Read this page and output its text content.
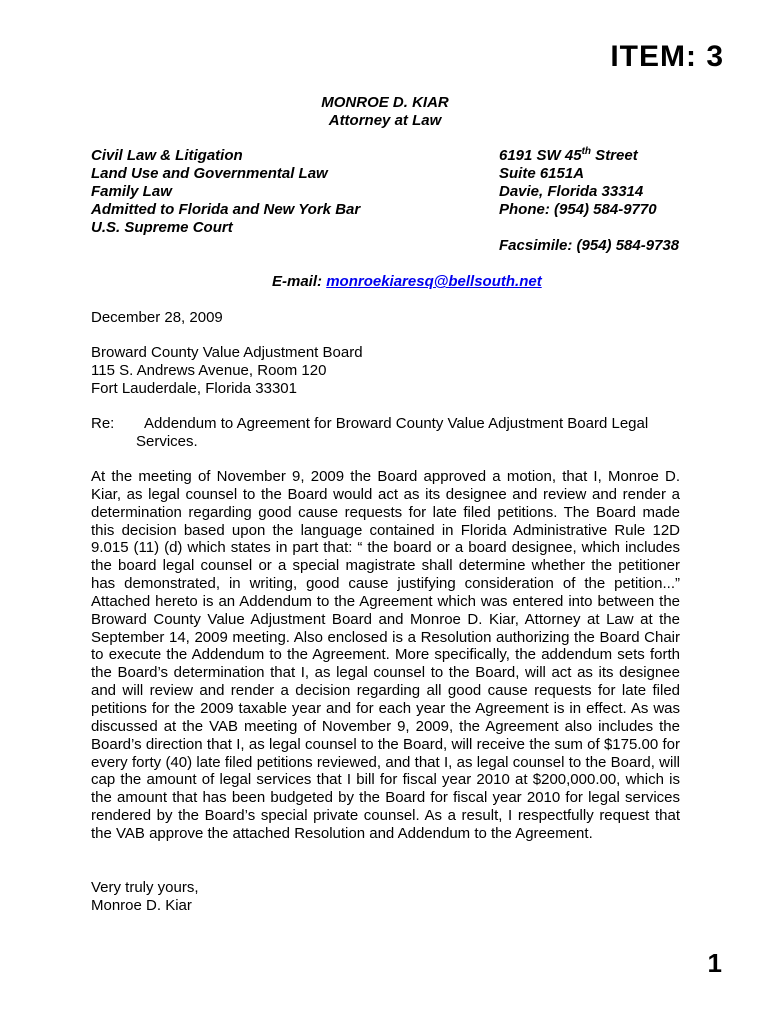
ITEM: 3
MONROE D. KIAR
Attorney at Law
Civil Law & Litigation
Land Use and Governmental Law
Family Law
Admitted to Florida and New York Bar
U.S. Supreme Court
6191 SW 45th Street
Suite 6151A
Davie, Florida 33314
Phone: (954) 584-9770
Facsimile: (954) 584-9738
E-mail: monroekiaresq@bellsouth.net
December 28, 2009
Broward County Value Adjustment Board
115 S. Andrews Avenue, Room 120
Fort Lauderdale, Florida 33301
Re:	Addendum to Agreement for Broward County Value Adjustment Board Legal Services.
At the meeting of November 9, 2009 the Board approved a motion, that I, Monroe D. Kiar, as legal counsel to the Board would act as its designee and review and render a determination regarding good cause requests for late filed petitions. The Board made this decision based upon the language contained in Florida Administrative Rule 12D 9.015 (11) (d) which states in part that: “ the board or a board designee, which includes the board legal counsel or a special magistrate shall determine whether the petitioner has demonstrated, in writing, good cause justifying consideration of the petition...” Attached hereto is an Addendum to the Agreement which was entered into between the Broward County Value Adjustment Board and Monroe D. Kiar, Attorney at Law at the September 14, 2009 meeting. Also enclosed is a Resolution authorizing the Board Chair to execute the Addendum to the Agreement. More specifically, the addendum sets forth the Board’s determination that I, as legal counsel to the Board, will act as its designee and will review and render a decision regarding all good cause requests for late filed petitions for the 2009 taxable year and for each year the Agreement is in effect. As was discussed at the VAB meeting of November 9, 2009, the Agreement also includes the Board’s direction that I, as legal counsel to the Board, will receive the sum of $175.00 for every forty (40) late filed petitions reviewed, and that I, as legal counsel to the Board, will cap the amount of legal services that I bill for fiscal year 2010 at $200,000.00, which is the amount that has been budgeted by the Board for fiscal year 2010 for legal services rendered by the Board’s special private counsel. As a result, I respectfully request that the VAB approve the attached Resolution and Addendum to the Agreement.
Very truly yours,
Monroe D. Kiar
1
